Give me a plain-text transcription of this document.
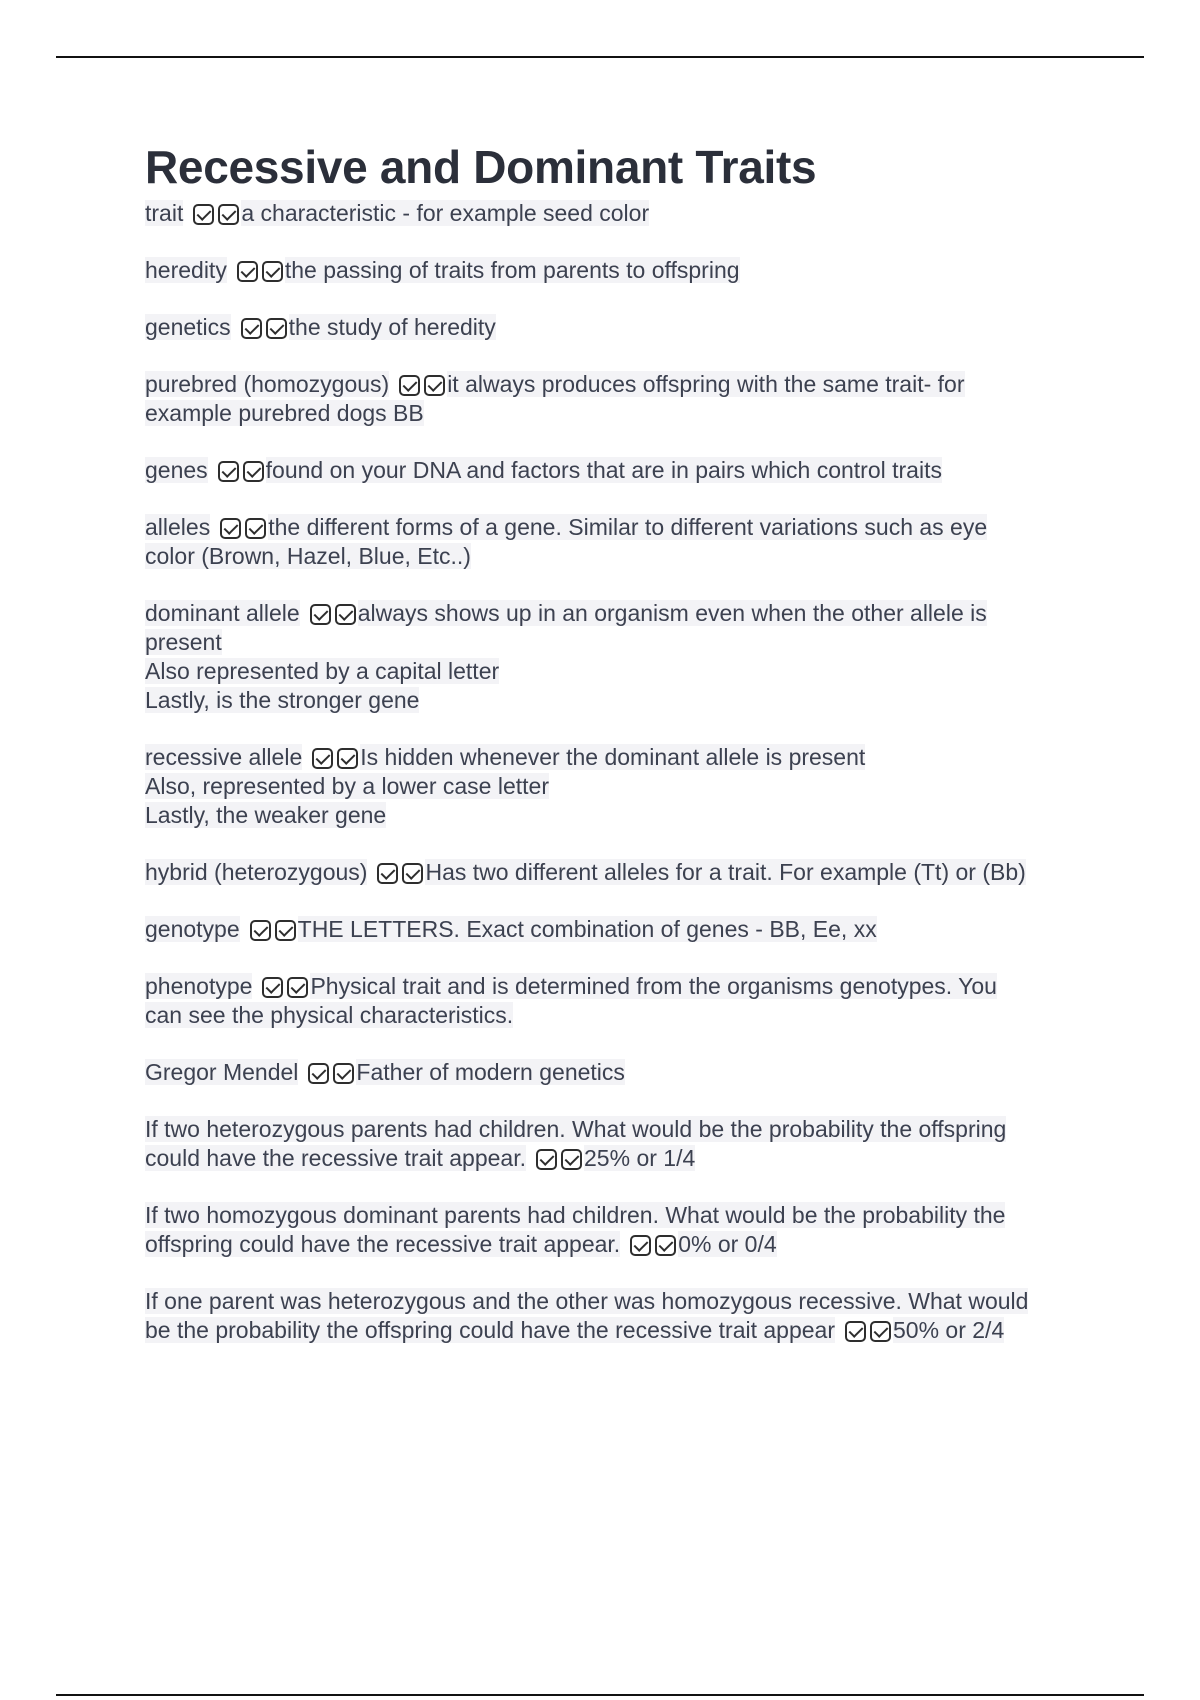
Recessive and Dominant Traits
trait	a characteristic - for example seed color
heredity	the passing of traits from parents to offspring
genetics	the study of heredity
purebred (homozygous)	it always produces offspring with the same trait- for
example purebred dogs BB
genes	found on your DNA and factors that are in pairs which control traits
alleles	the different forms of a gene. Similar to different variations such as eye
color (Brown, Hazel, Blue, Etc..)
dominant allele	always shows up in an organism even when the other allele is
present
Also represented by a capital letter
Lastly, is the stronger gene
recessive allele	Is hidden whenever the dominant allele is present
Also, represented by a lower case letter
Lastly, the weaker gene
hybrid (heterozygous)	Has two different alleles for a trait. For example (Tt) or (Bb)
genotype	THE LETTERS. Exact combination of genes - BB, Ee, xx
phenotype	Physical trait and is determined from the organisms genotypes. You
can see the physical characteristics.
Gregor Mendel	Father of modern genetics
If two heterozygous parents had children. What would be the probability the offspring
could have the recessive trait appear.	25% or 1/4
If two homozygous dominant parents had children. What would be the probability the
offspring could have the recessive trait appear.	0% or 0/4
If one parent was heterozygous and the other was homozygous recessive. What would
be the probability the offspring could have the recessive trait appear	50% or 2/4
